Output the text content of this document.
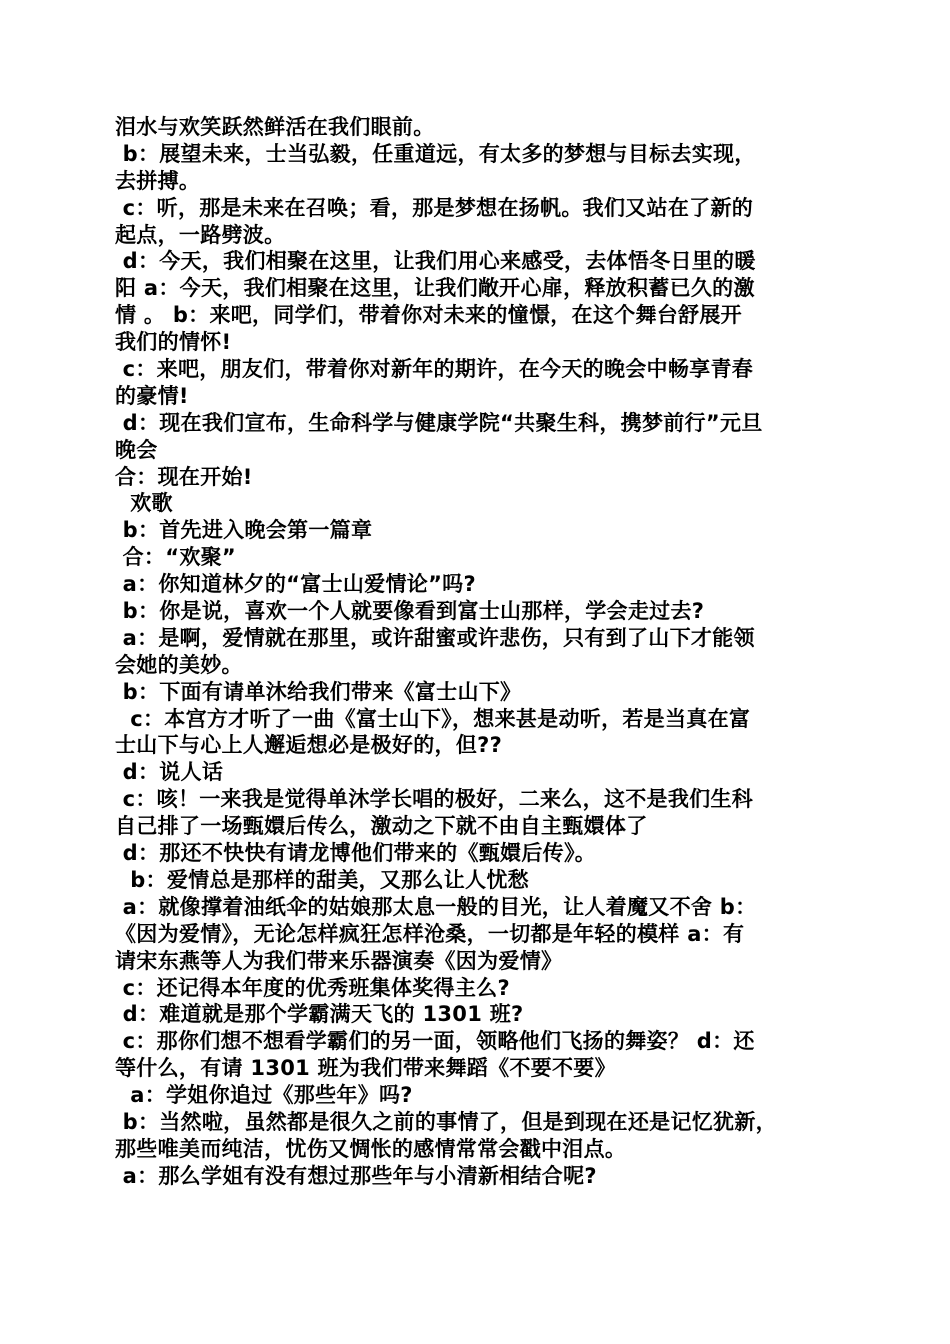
泪水与欢笑跃然鲜活在我们眼前。
b：展望未来，士当弘毅，任重道远，有太多的梦想与目标去实现，
去拼搏。
c：听，那是未来在召唤；看，那是梦想在扬帆。我们又站在了新的
起点，一路劈波。
d：今天，我们相聚在这里，让我们用心来感受，去体悟冬日里的暖
阳 a：今天，我们相聚在这里，让我们敞开心扉，释放积蓄已久的激
情 。 b：来吧，同学们，带着你对未来的憧憬，在这个舞台舒展开
我们的情怀!
c：来吧，朋友们，带着你对新年的期许，在今天的晚会中畅享青春
的豪情!
d：现在我们宣布，生命科学与健康学院“共聚生科，携梦前行”元旦
晚会
合：现在开始!
欢歌
b：首先进入晚会第一篇章
合：“欢聚”
a：你知道林夕的“富士山爱情论”吗?
b：你是说，喜欢一个人就要像看到富士山那样，学会走过去?
a：是啊，爱情就在那里，或许甜蜜或许悲伤，只有到了山下才能领
会她的美妙。
b：下面有请单沐给我们带来《富士山下》
c：本宫方才听了一曲《富士山下》，想来甚是动听，若是当真在富
士山下与心上人邂逅想必是极好的，但??
d：说人话
c：咳！一来我是觉得单沐学长唱的极好，二来么，这不是我们生科
自己排了一场甄嬛后传么，激动之下就不由自主甄嬛体了
d：那还不快快有请龙博他们带来的《甄嬛后传》。
b：爱情总是那样的甜美，又那么让人忧愁
a：就像撑着油纸伞的姑娘那太息一般的目光，让人着魔又不舍 b：
《因为爱情》，无论怎样疯狂怎样沧桑，一切都是年轻的模样 a：有
请宋东燕等人为我们带来乐器演奏《因为爱情》
c：还记得本年度的优秀班集体奖得主么?
d：难道就是那个学霸满天飞的 1301 班?
c：那你们想不想看学霸们的另一面，领略他们飞扬的舞姿？ d：还
等什么，有请 1301 班为我们带来舞蹈《不要不要》
a：学姐你追过《那些年》吗?
b：当然啦，虽然都是很久之前的事情了，但是到现在还是记忆犹新，
那些唯美而纯洁，忧伤又惆怅的感情常常会戳中泪点。
a：那么学姐有没有想过那些年与小清新相结合呢?
